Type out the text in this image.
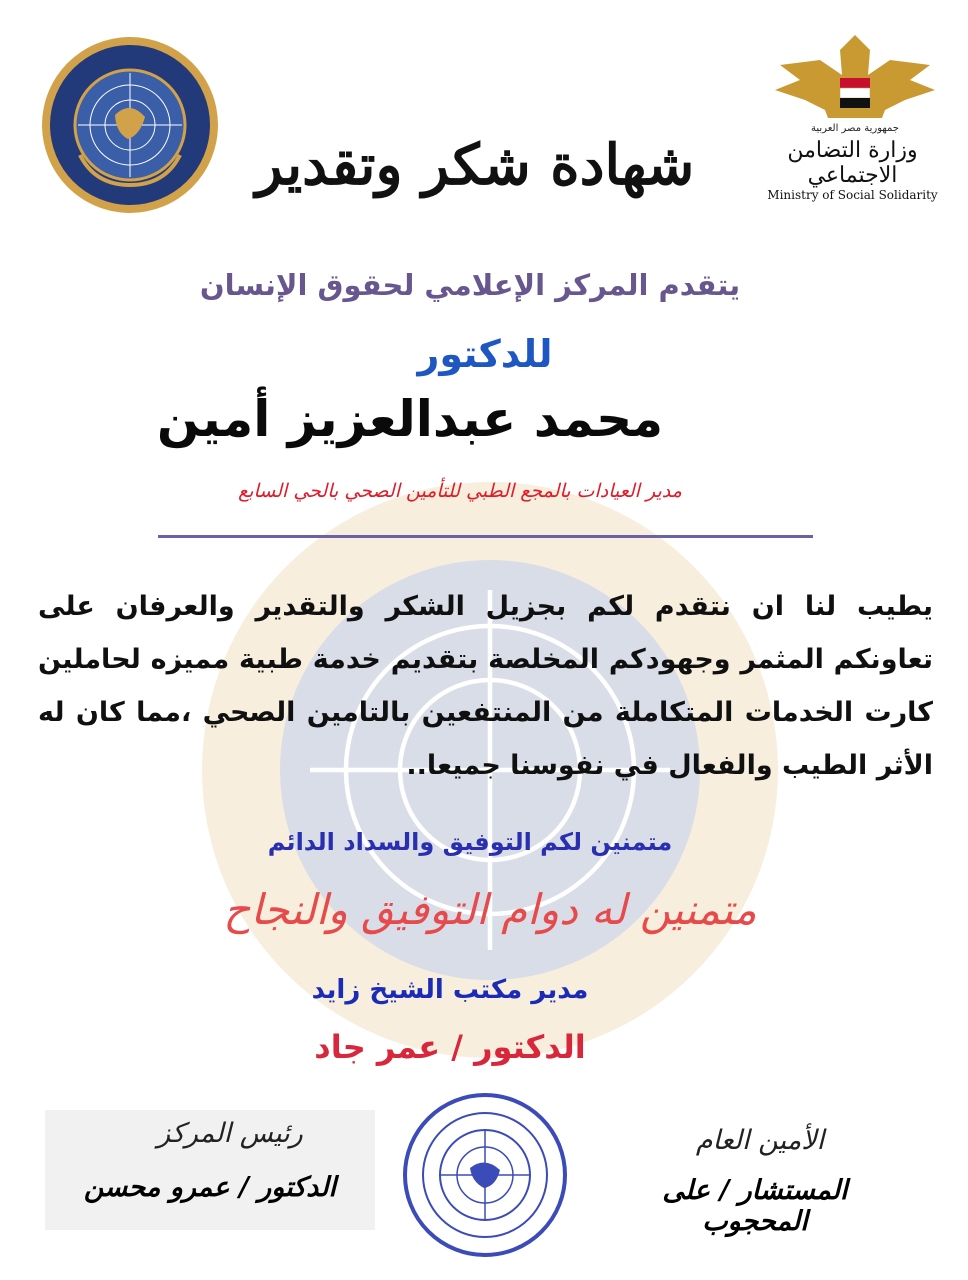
جمهورية مصر العربية
وزارة التضامن الاجتماعي
Ministry of Social Solidarity
شهادة شكر وتقدير
يتقدم المركز الإعلامي لحقوق الإنسان
للدكتور
محمد عبدالعزيز أمين
مدير العيادات بالمجع الطبي للتأمين الصحي بالحي السابع
يطيب لنا ان نتقدم لكم بجزيل الشكر والتقدير والعرفان على تعاونكم المثمر وجهودكم المخلصة بتقديم خدمة طبية مميزه لحاملين كارت الخدمات المتكاملة من المنتفعين بالتامين الصحي ،مما كان له الأثر الطيب والفعال في نفوسنا جميعا..
متمنين لكم التوفيق والسداد الدائم
متمنين له دوام التوفيق والنجاح
مدير مكتب الشيخ زايد
الدكتور / عمر جاد
رئيس المركز
الدكتور / عمرو محسن
الأمين العام
المستشار / على المحجوب
